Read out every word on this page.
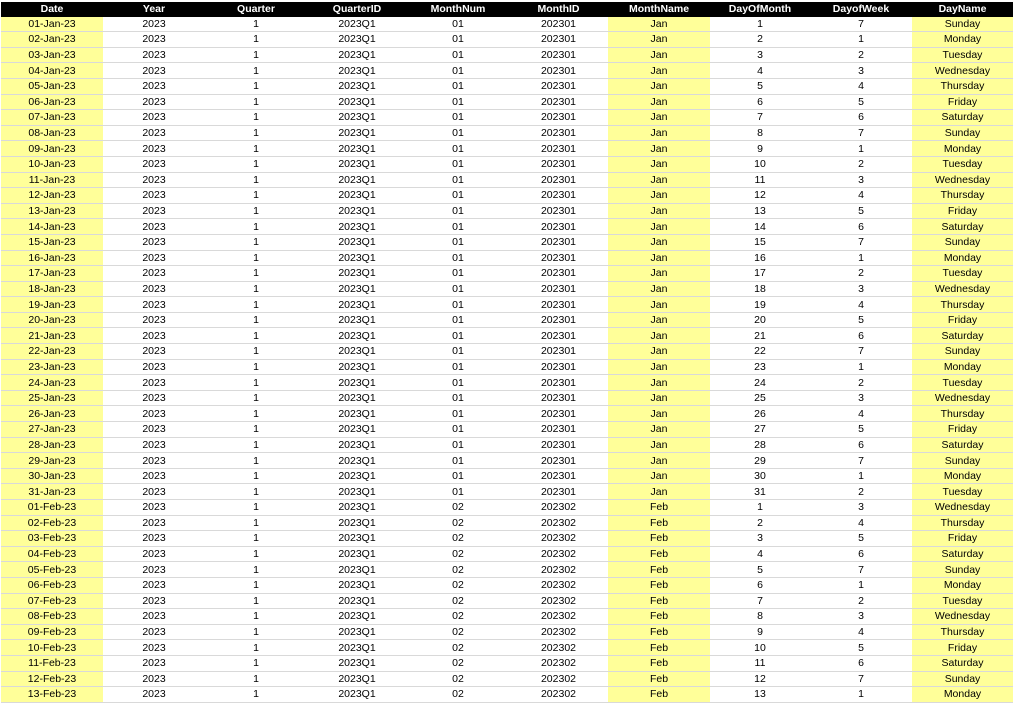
Date	Year	Quarter	QuarterID	MonthNum	MonthID	MonthName	DayOfMonth	DayofWeek	DayName
01-Jan-23	2023	1	2023Q1	01	202301	Jan	1	7	Sunday
02-Jan-23	2023	1	2023Q1	01	202301	Jan	2	1	Monday
03-Jan-23	2023	1	2023Q1	01	202301	Jan	3	2	Tuesday
04-Jan-23	2023	1	2023Q1	01	202301	Jan	4	3	Wednesday
05-Jan-23	2023	1	2023Q1	01	202301	Jan	5	4	Thursday
06-Jan-23	2023	1	2023Q1	01	202301	Jan	6	5	Friday
07-Jan-23	2023	1	2023Q1	01	202301	Jan	7	6	Saturday
08-Jan-23	2023	1	2023Q1	01	202301	Jan	8	7	Sunday
09-Jan-23	2023	1	2023Q1	01	202301	Jan	9	1	Monday
10-Jan-23	2023	1	2023Q1	01	202301	Jan	10	2	Tuesday
11-Jan-23	2023	1	2023Q1	01	202301	Jan	11	3	Wednesday
12-Jan-23	2023	1	2023Q1	01	202301	Jan	12	4	Thursday
13-Jan-23	2023	1	2023Q1	01	202301	Jan	13	5	Friday
14-Jan-23	2023	1	2023Q1	01	202301	Jan	14	6	Saturday
15-Jan-23	2023	1	2023Q1	01	202301	Jan	15	7	Sunday
16-Jan-23	2023	1	2023Q1	01	202301	Jan	16	1	Monday
17-Jan-23	2023	1	2023Q1	01	202301	Jan	17	2	Tuesday
18-Jan-23	2023	1	2023Q1	01	202301	Jan	18	3	Wednesday
19-Jan-23	2023	1	2023Q1	01	202301	Jan	19	4	Thursday
20-Jan-23	2023	1	2023Q1	01	202301	Jan	20	5	Friday
21-Jan-23	2023	1	2023Q1	01	202301	Jan	21	6	Saturday
22-Jan-23	2023	1	2023Q1	01	202301	Jan	22	7	Sunday
23-Jan-23	2023	1	2023Q1	01	202301	Jan	23	1	Monday
24-Jan-23	2023	1	2023Q1	01	202301	Jan	24	2	Tuesday
25-Jan-23	2023	1	2023Q1	01	202301	Jan	25	3	Wednesday
26-Jan-23	2023	1	2023Q1	01	202301	Jan	26	4	Thursday
27-Jan-23	2023	1	2023Q1	01	202301	Jan	27	5	Friday
28-Jan-23	2023	1	2023Q1	01	202301	Jan	28	6	Saturday
29-Jan-23	2023	1	2023Q1	01	202301	Jan	29	7	Sunday
30-Jan-23	2023	1	2023Q1	01	202301	Jan	30	1	Monday
31-Jan-23	2023	1	2023Q1	01	202301	Jan	31	2	Tuesday
01-Feb-23	2023	1	2023Q1	02	202302	Feb	1	3	Wednesday
02-Feb-23	2023	1	2023Q1	02	202302	Feb	2	4	Thursday
03-Feb-23	2023	1	2023Q1	02	202302	Feb	3	5	Friday
04-Feb-23	2023	1	2023Q1	02	202302	Feb	4	6	Saturday
05-Feb-23	2023	1	2023Q1	02	202302	Feb	5	7	Sunday
06-Feb-23	2023	1	2023Q1	02	202302	Feb	6	1	Monday
07-Feb-23	2023	1	2023Q1	02	202302	Feb	7	2	Tuesday
08-Feb-23	2023	1	2023Q1	02	202302	Feb	8	3	Wednesday
09-Feb-23	2023	1	2023Q1	02	202302	Feb	9	4	Thursday
10-Feb-23	2023	1	2023Q1	02	202302	Feb	10	5	Friday
11-Feb-23	2023	1	2023Q1	02	202302	Feb	11	6	Saturday
12-Feb-23	2023	1	2023Q1	02	202302	Feb	12	7	Sunday
13-Feb-23	2023	1	2023Q1	02	202302	Feb	13	1	Monday
